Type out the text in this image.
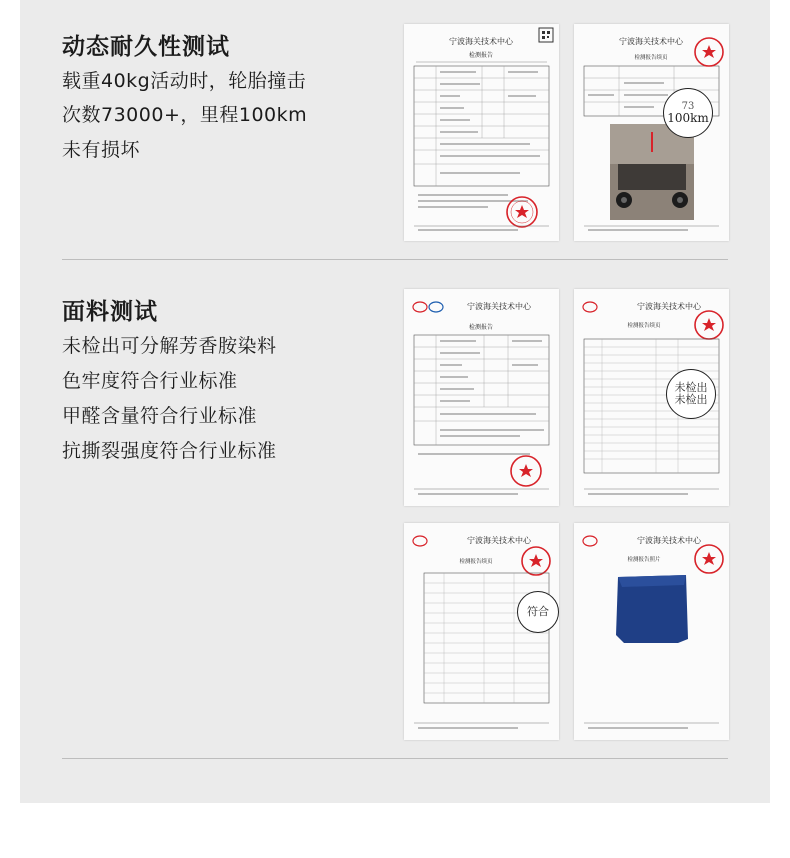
动态耐久性测试
载重40kg活动时，轮胎撞击
次数73000+，里程100km
未有损坏
面料测试
未检出可分解芳香胺染料
色牢度符合行业标准
甲醛含量符合行业标准
抗撕裂强度符合行业标准
宁波海关技术中心
检测报告
宁波海关技术中心
检测报告续页
73
100km
宁波海关技术中心
检测报告
宁波海关技术中心
检测报告续页
未检出
未检出
宁波海关技术中心
检测报告续页
符合
宁波海关技术中心
检测报告照片
